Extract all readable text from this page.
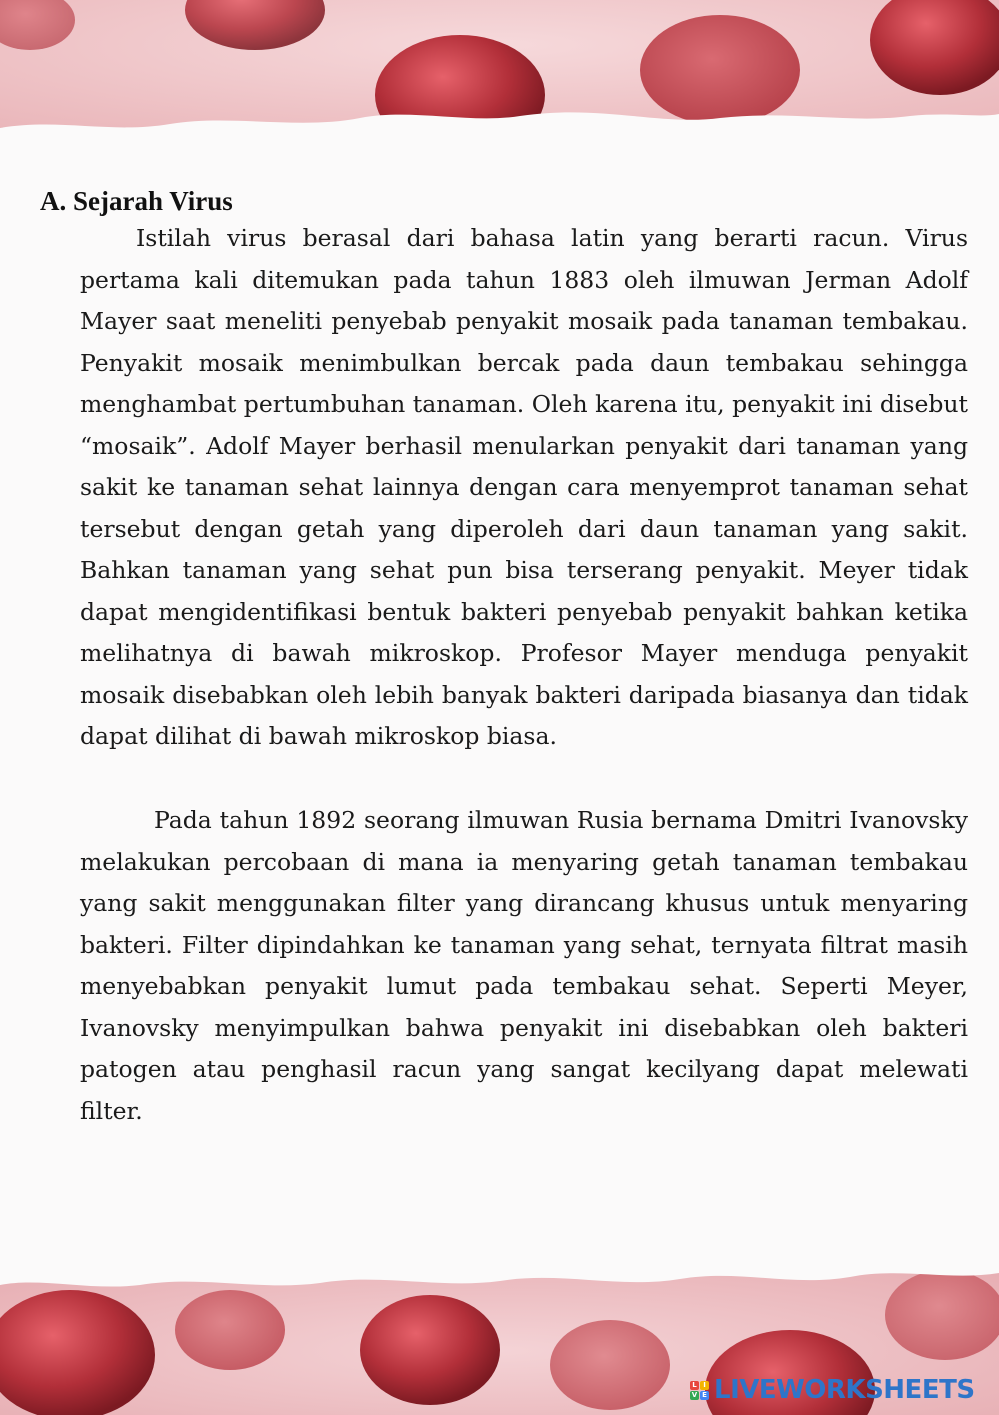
A. Sejarah Virus

Istilah virus berasal dari bahasa latin yang berarti racun. Virus pertama kali ditemukan pada tahun 1883 oleh ilmuwan Jerman Adolf Mayer saat meneliti penyebab penyakit mosaik pada tanaman tembakau. Penyakit mosaik menimbulkan bercak pada daun tembakau sehingga menghambat pertumbuhan tanaman. Oleh karena itu, penyakit ini disebut “mosaik”. Adolf Mayer berhasil menularkan penyakit dari tanaman yang sakit ke tanaman sehat lainnya dengan cara menyemprot tanaman sehat tersebut dengan getah yang diperoleh dari daun tanaman yang sakit. Bahkan tanaman yang sehat pun bisa terserang penyakit. Meyer tidak dapat mengidentifikasi bentuk bakteri penyebab penyakit bahkan ketika melihatnya di bawah mikroskop. Profesor Mayer menduga penyakit mosaik disebabkan oleh lebih banyak bakteri daripada biasanya dan tidak dapat dilihat di bawah mikroskop biasa.

Pada tahun 1892 seorang ilmuwan Rusia bernama Dmitri Ivanovsky melakukan percobaan di mana ia menyaring getah tanaman tembakau yang sakit menggunakan filter yang dirancang khusus untuk menyaring bakteri. Filter dipindahkan ke tanaman yang sehat, ternyata filtrat masih menyebabkan penyakit lumut pada tembakau sehat. Seperti Meyer, Ivanovsky menyimpulkan bahwa penyakit ini disebabkan oleh bakteri patogen atau penghasil racun yang sangat kecilyang dapat melewati filter.

L I
V E LIVEWORKSHEETS
